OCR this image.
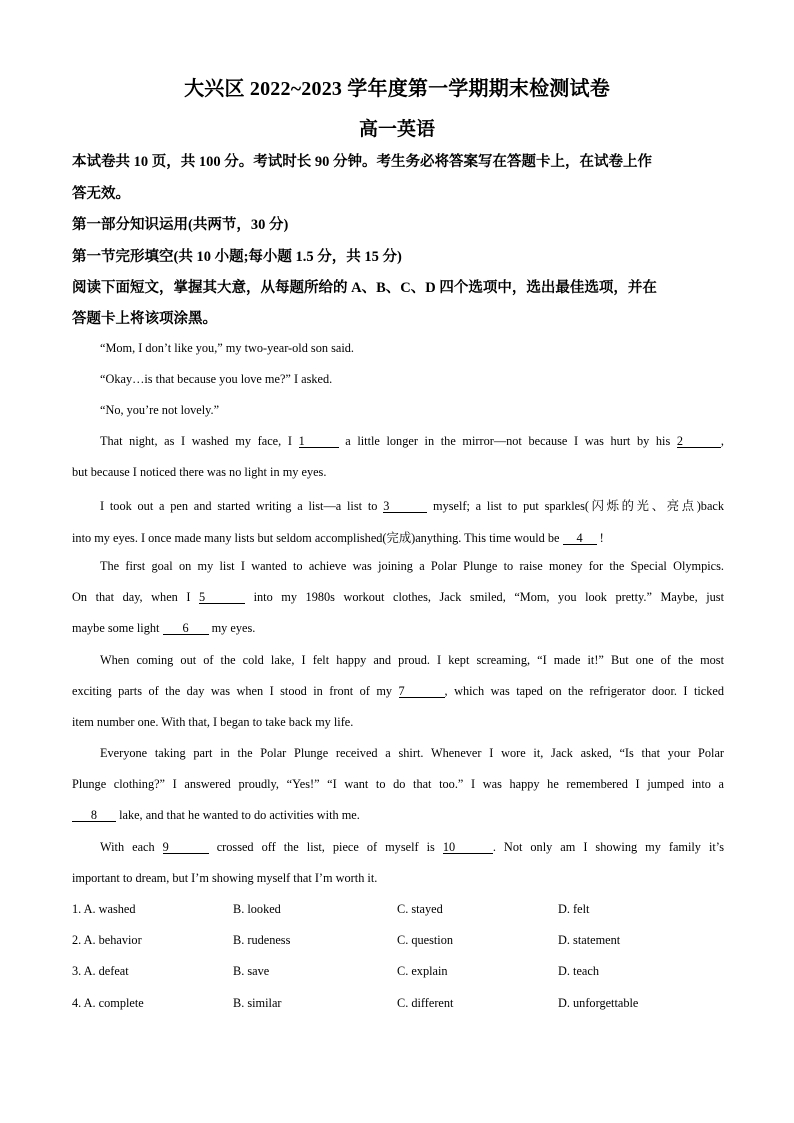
大兴区 2022~2023 学年度第一学期期末检测试卷
高一英语
本试卷共 10 页，共 100 分。考试时长 90 分钟。考生务必将答案写在答题卡上，在试卷上作
答无效。
第一部分知识运用(共两节，30 分)
第一节完形填空(共 10 小题;每小题 1.5 分，共 15 分)
阅读下面短文，掌握其大意，从每题所给的 A、B、C、D 四个选项中，选出最佳选项，并在
答题卡上将该项涂黑。
“Mom, I don’t like you,” my two-year-old son said.
“Okay…is that because you love me?” I asked.
“No, you’re not lovely.”
That night, as I washed my face, I 1	a little longer in the mirror—not because I was hurt by his 2	,
but because I noticed there was no light in my eyes.
I took out a pen and started writing a list—a list to 3	myself; a list to put sparkles(闪烁的光、亮点)back
into my eyes. I once made many lists but seldom accomplished(完成)anything. This time would be 4 !
The first goal on my list I wanted to achieve was joining a Polar Plunge to raise money for the Special Olympics.
On that day, when I 5	into my 1980s workout clothes, Jack smiled, “Mom, you look pretty.” Maybe, just
maybe some light 6 my eyes.
When coming out of the cold lake, I felt happy and proud. I kept screaming, “I made it!” But one of the most
exciting parts of the day was when I stood in front of my 7	, which was taped on the refrigerator door. I ticked
item number one. With that, I began to take back my life.
Everyone taking part in the Polar Plunge received a shirt. Whenever I wore it, Jack asked, “Is that your Polar
Plunge clothing?” I answered proudly, “Yes!” “I want to do that too.” I was happy he remembered I jumped into a
8 lake, and that he wanted to do activities with me.
With each 9	crossed off the list, piece of myself is 10	. Not only am I showing my family it’s
important to dream, but I’m showing myself that I’m worth it.
1. A. washed	B. looked	C. stayed	D. felt
2. A. behavior	B. rudeness	C. question	D. statement
3. A. defeat	B. save	C. explain	D. teach
4. A. complete	B. similar	C. different	D. unforgettable
